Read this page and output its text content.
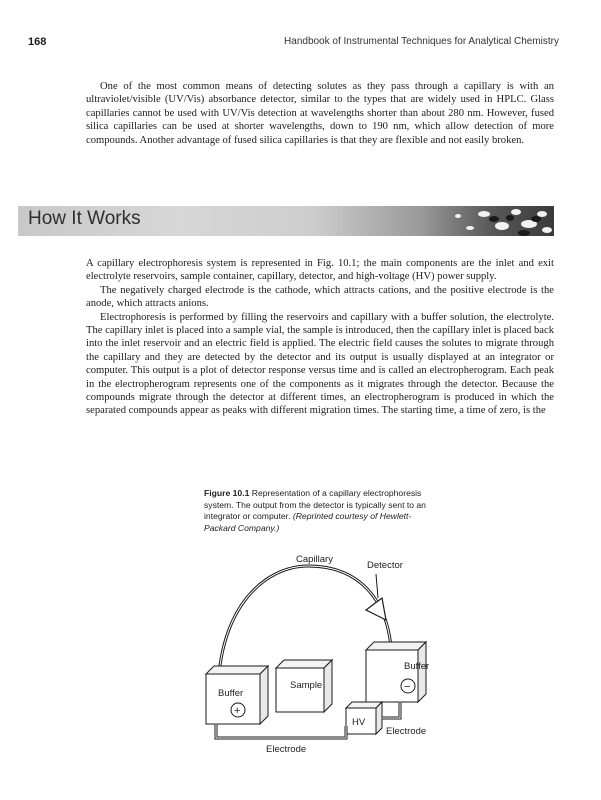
168	Handbook of Instrumental Techniques for Analytical Chemistry

One of the most common means of detecting solutes as they pass through a capillary is with an ultraviolet/visible (UV/Vis) absorbance detector, similar to the types that are widely used in HPLC. Glass capillaries cannot be used with UV/Vis detection at wavelengths shorter than about 280 nm. However, fused silica capillaries can be used at shorter wavelengths, down to 190 nm, which allow detection of more compounds. Another advantage of fused silica capillaries is that they are flexible and not easily broken.

How It Works

A capillary electrophoresis system is represented in Fig. 10.1; the main components are the inlet and exit electrolyte reservoirs, sample container, capillary, detector, and high-voltage (HV) power supply.

The negatively charged electrode is the cathode, which attracts cations, and the positive electrode is the anode, which attracts anions.

Electrophoresis is performed by filling the reservoirs and capillary with a buffer solution, the electrolyte. The capillary inlet is placed into a sample vial, the sample is introduced, then the capillary inlet is placed back into the inlet reservoir and an electric field is applied. The electric field causes the solutes to migrate through the capillary and they are detected by the detector and its output is usually displayed at an integrator or computer. This output is a plot of detector response versus time and is called an electropherogram. Each peak in the electropherogram represents one of the components as it migrates through the detector. Because the compounds migrate through the detector at different times, an electropherogram is produced in which the separated compounds appear as peaks with different migration times. The starting time, a time of zero, is the

Figure 10.1 Representation of a capillary electrophoresis system. The output from the detector is typically sent to an integrator or computer. (Reprinted courtesy of Hewlett-Packard Company.)
Capillary
Detector
Buffer
Sample
Buffer
HV
Electrode
Electrode
+
−
